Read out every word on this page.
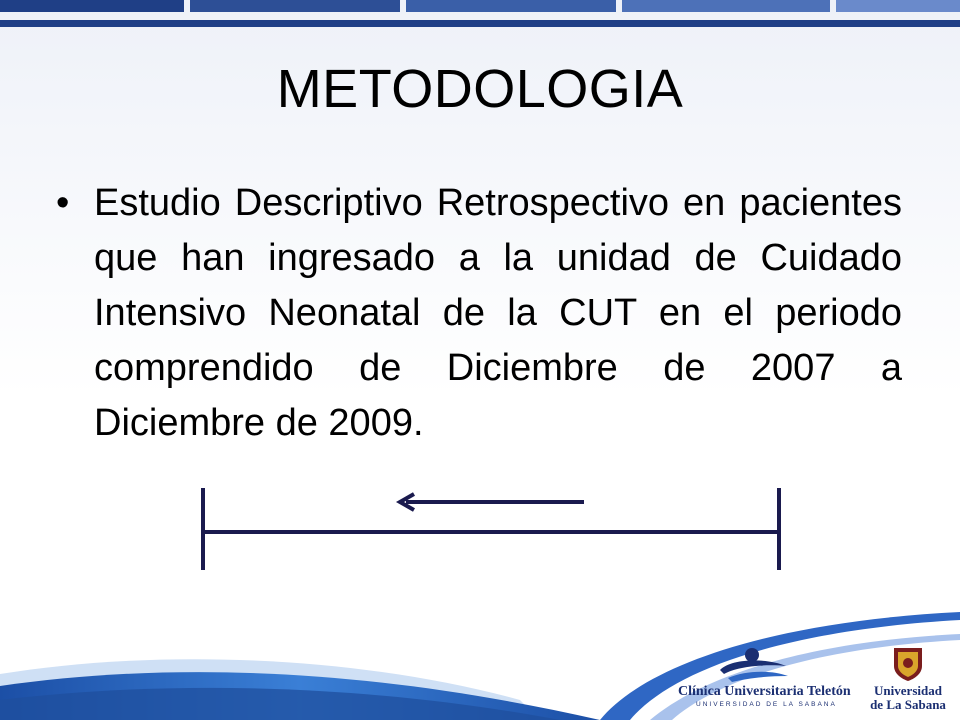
METODOLOGIA
• Estudio Descriptivo Retrospectivo en pacientes que han ingresado a la unidad de Cuidado Intensivo Neonatal de la CUT en el periodo comprendido de Diciembre de 2007 a Diciembre de 2009.
Clínica Universitaria Teletón
UNIVERSIDAD DE LA SABANA
Universidad
de La Sabana
